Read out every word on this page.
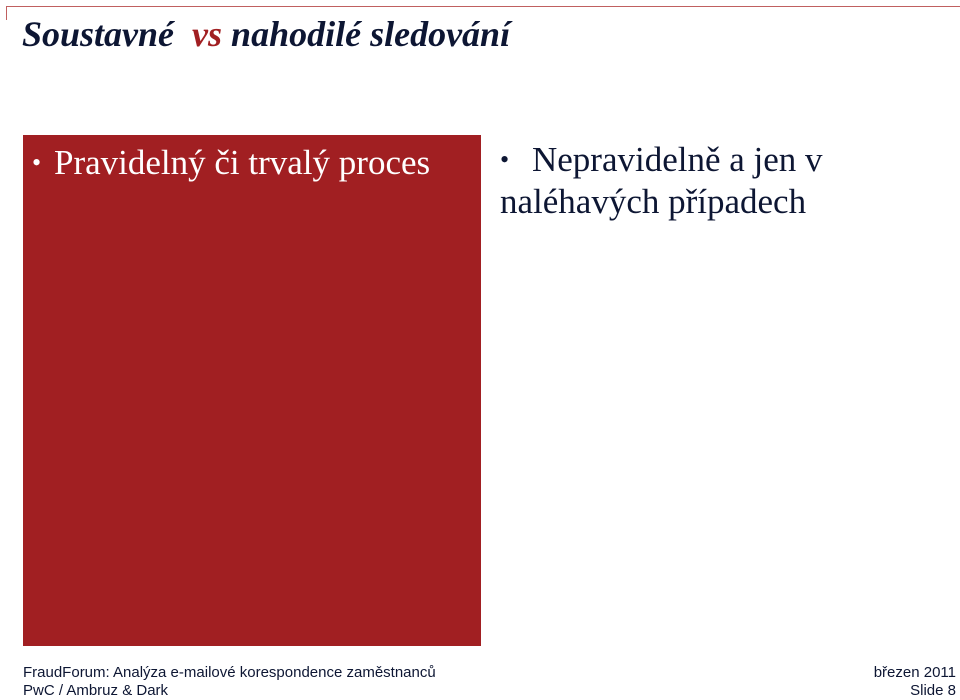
Soustavné vs nahodilé sledování
• Pravidelný či trvalý proces	• Nepravidelně a jen v
naléhavých případech
FraudForum: Analýza e-mailové korespondence zaměstnanců
PwC / Ambruz & Dark
březen 2011
Slide 8
